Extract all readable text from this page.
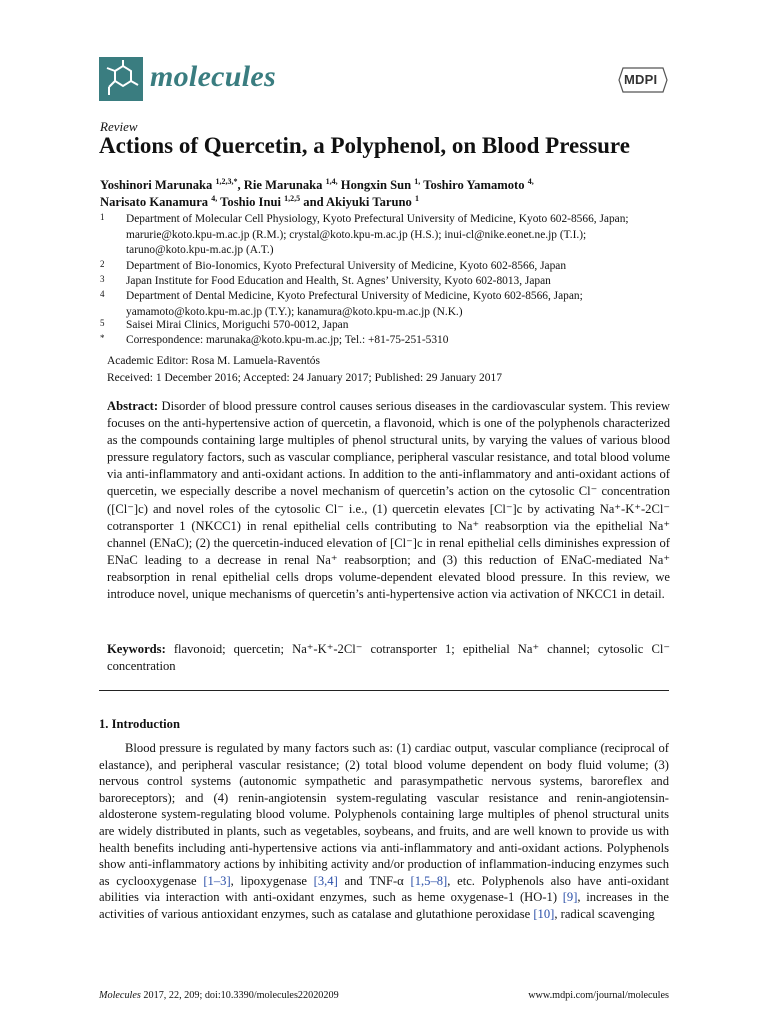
molecules	MDPI
Review
Actions of Quercetin, a Polyphenol, on Blood Pressure
Yoshinori Marunaka $^{1,2,3,*}$, Rie Marunaka $^{1,4,}$ Hongxin Sun $^{1,}$ Toshiro Yamamoto $^{4,}$
Narisato Kanamura $^{4,}$ Toshio Inui $^{1,2,5}$ and Akiyuki Taruno $^1$
1	Department of Molecular Cell Physiology, Kyoto Prefectural University of Medicine, Kyoto 602-8566, Japan;
marurie@koto.kpu-m.ac.jp (R.M.); crystal@koto.kpu-m.ac.jp (H.S.); inui-cl@nike.eonet.ne.jp (T.I.);
taruno@koto.kpu-m.ac.jp (A.T.)
2	Department of Bio-Ionomics, Kyoto Prefectural University of Medicine, Kyoto 602-8566, Japan
3	Japan Institute for Food Education and Health, St. Agnes’ University, Kyoto 602-8013, Japan
4	Department of Dental Medicine, Kyoto Prefectural University of Medicine, Kyoto 602-8566, Japan;
yamamoto@koto.kpu-m.ac.jp (T.Y.); kanamura@koto.kpu-m.ac.jp (N.K.)
5	Saisei Mirai Clinics, Moriguchi 570-0012, Japan
*	Correspondence: marunaka@koto.kpu-m.ac.jp; Tel.: +81-75-251-5310
Academic Editor: Rosa M. Lamuela-Raventós
Received: 1 December 2016; Accepted: 24 January 2017; Published: 29 January 2017
Abstract: Disorder of blood pressure control causes serious diseases in the cardiovascular system. This review focuses on the anti-hypertensive action of quercetin, a flavonoid, which is one of the polyphenols characterized as the compounds containing large multiples of phenol structural units, by varying the values of various blood pressure regulatory factors, such as vascular compliance, peripheral vascular resistance, and total blood volume via anti-inflammatory and anti-oxidant actions. In addition to the anti-inflammatory and anti-oxidant actions of quercetin, we especially describe a novel mechanism of quercetin’s action on the cytosolic Cl⁻ concentration ([Cl⁻]c) and novel roles of the cytosolic Cl⁻ i.e., (1) quercetin elevates [Cl⁻]c by activating Na⁺-K⁺-2Cl⁻ cotransporter 1 (NKCC1) in renal epithelial cells contributing to Na⁺ reabsorption via the epithelial Na⁺ channel (ENaC); (2) the quercetin-induced elevation of [Cl⁻]c in renal epithelial cells diminishes expression of ENaC leading to a decrease in renal Na⁺ reabsorption; and (3) this reduction of ENaC-mediated Na⁺ reabsorption in renal epithelial cells drops volume-dependent elevated blood pressure. In this review, we introduce novel, unique mechanisms of quercetin’s anti-hypertensive action via activation of NKCC1 in detail.
Keywords: flavonoid; quercetin; Na⁺-K⁺-2Cl⁻ cotransporter 1; epithelial Na⁺ channel; cytosolic Cl⁻ concentration
1. Introduction
Blood pressure is regulated by many factors such as: (1) cardiac output, vascular compliance (reciprocal of elastance), and peripheral vascular resistance; (2) total blood volume dependent on body fluid volume; (3) nervous control systems (autonomic sympathetic and parasympathetic nervous systems, baroreflex and baroreceptors); and (4) renin-angiotensin system-regulating vascular resistance and renin-angiotensin-aldosterone system-regulating blood volume. Polyphenols containing large multiples of phenol structural units are widely distributed in plants, such as vegetables, soybeans, and fruits, and are well known to provide us with health benefits including anti-hypertensive actions via anti-inflammatory and anti-oxidant actions. Polyphenols show anti-inflammatory actions by inhibiting activity and/or production of inflammation-inducing enzymes such as cyclooxygenase [1–3], lipoxygenase [3,4] and TNF-α [1,5–8], etc. Polyphenols also have anti-oxidant abilities via interaction with anti-oxidant enzymes, such as heme oxygenase-1 (HO-1) [9], increases in the activities of various antioxidant enzymes, such as catalase and glutathione peroxidase [10], radical scavenging
Molecules 2017, 22, 209; doi:10.3390/molecules22020209	www.mdpi.com/journal/molecules
